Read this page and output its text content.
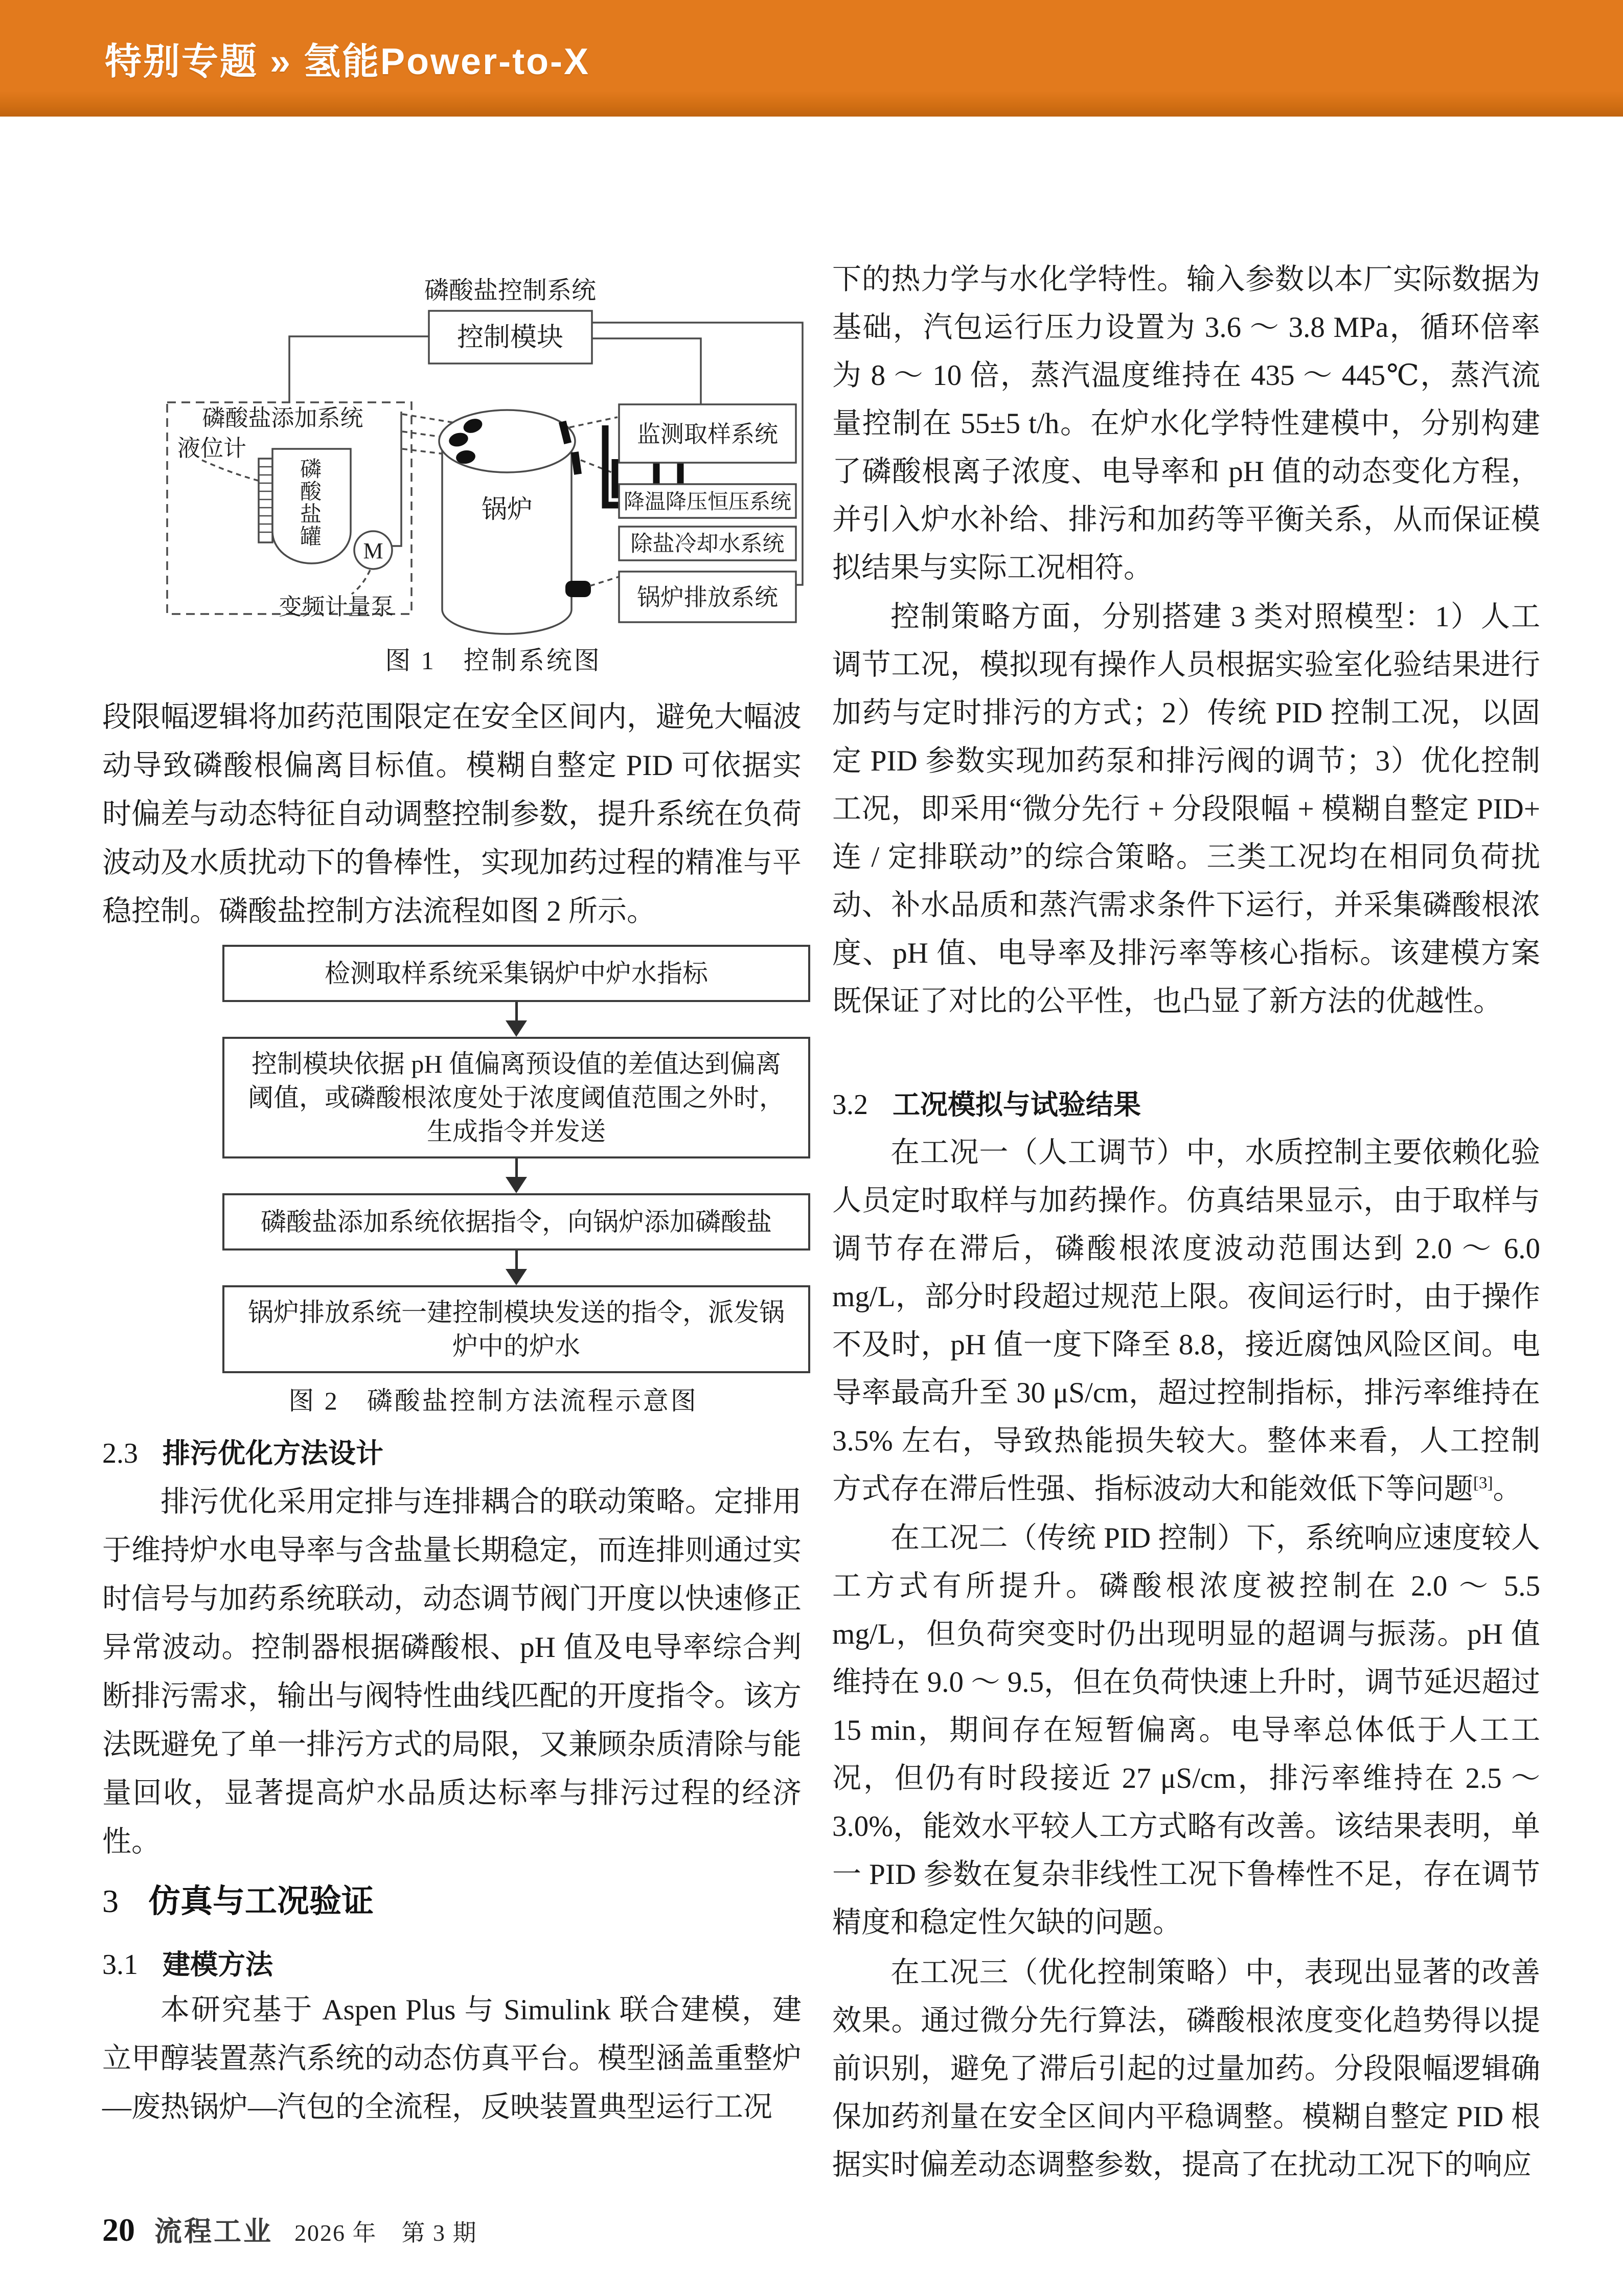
特别专题 » 氢能Power-to-X
磷酸盐控制系统
控制模块
磷酸盐添加系统
液位计
磷
酸
盐
罐
M
变频计量泵
锅炉
监测取样系统
降温降压恒压系统
除盐冷却水系统
锅炉排放系统
图 1　控制系统图
段限幅逻辑将加药范围限定在安全区间内，避免大幅波动导致磷酸根偏离目标值。模糊自整定 PID 可依据实时偏差与动态特征自动调整控制参数，提升系统在负荷波动及水质扰动下的鲁棒性，实现加药过程的精准与平稳控制。磷酸盐控制方法流程如图 2 所示。
检测取样系统采集锅炉中炉水指标
控制模块依据 pH 值偏离预设值的差值达到偏离阈值，或磷酸根浓度处于浓度阈值范围之外时，生成指令并发送
磷酸盐添加系统依据指令，向锅炉添加磷酸盐
锅炉排放系统一建控制模块发送的指令，派发锅炉中的炉水
图 2　磷酸盐控制方法流程示意图
2.3 排污优化方法设计
排污优化采用定排与连排耦合的联动策略。定排用于维持炉水电导率与含盐量长期稳定，而连排则通过实时信号与加药系统联动，动态调节阀门开度以快速修正异常波动。控制器根据磷酸根、pH 值及电导率综合判断排污需求，输出与阀特性曲线匹配的开度指令。该方法既避免了单一排污方式的局限，又兼顾杂质清除与能量回收，显著提高炉水品质达标率与排污过程的经济性。
3 仿真与工况验证
3.1 建模方法
本研究基于 Aspen Plus 与 Simulink 联合建模，建立甲醇装置蒸汽系统的动态仿真平台。模型涵盖重整炉—废热锅炉—汽包的全流程，反映装置典型运行工况
下的热力学与水化学特性。输入参数以本厂实际数据为基础，汽包运行压力设置为 3.6 ～ 3.8 MPa，循环倍率为 8 ～ 10 倍，蒸汽温度维持在 435 ～ 445℃，蒸汽流量控制在 55±5 t/h。在炉水化学特性建模中，分别构建了磷酸根离子浓度、电导率和 pH 值的动态变化方程，并引入炉水补给、排污和加药等平衡关系，从而保证模拟结果与实际工况相符。
控制策略方面，分别搭建 3 类对照模型：1）人工调节工况，模拟现有操作人员根据实验室化验结果进行加药与定时排污的方式；2）传统 PID 控制工况，以固定 PID 参数实现加药泵和排污阀的调节；3）优化控制工况，即采用“微分先行 + 分段限幅 + 模糊自整定 PID+ 连 / 定排联动”的综合策略。三类工况均在相同负荷扰动、补水品质和蒸汽需求条件下运行，并采集磷酸根浓度、pH 值、电导率及排污率等核心指标。该建模方案既保证了对比的公平性，也凸显了新方法的优越性。
3.2 工况模拟与试验结果
在工况一（人工调节）中，水质控制主要依赖化验人员定时取样与加药操作。仿真结果显示，由于取样与调节存在滞后，磷酸根浓度波动范围达到 2.0 ～ 6.0 mg/L，部分时段超过规范上限。夜间运行时，由于操作不及时，pH 值一度下降至 8.8，接近腐蚀风险区间。电导率最高升至 30 μS/cm，超过控制指标，排污率维持在 3.5% 左右，导致热能损失较大。整体来看，人工控制方式存在滞后性强、指标波动大和能效低下等问题[3]。
在工况二（传统 PID 控制）下，系统响应速度较人工方式有所提升。磷酸根浓度被控制在 2.0 ～ 5.5 mg/L，但负荷突变时仍出现明显的超调与振荡。pH 值维持在 9.0 ～ 9.5，但在负荷快速上升时，调节延迟超过 15 min，期间存在短暂偏离。电导率总体低于人工工况，但仍有时段接近 27 μS/cm，排污率维持在 2.5 ～ 3.0%，能效水平较人工方式略有改善。该结果表明，单一 PID 参数在复杂非线性工况下鲁棒性不足，存在调节精度和稳定性欠缺的问题。
在工况三（优化控制策略）中，表现出显著的改善效果。通过微分先行算法，磷酸根浓度变化趋势得以提前识别，避免了滞后引起的过量加药。分段限幅逻辑确保加药剂量在安全区间内平稳调整。模糊自整定 PID 根据实时偏差动态调整参数，提高了在扰动工况下的响应
20 流程工业 2026 年　第 3 期
